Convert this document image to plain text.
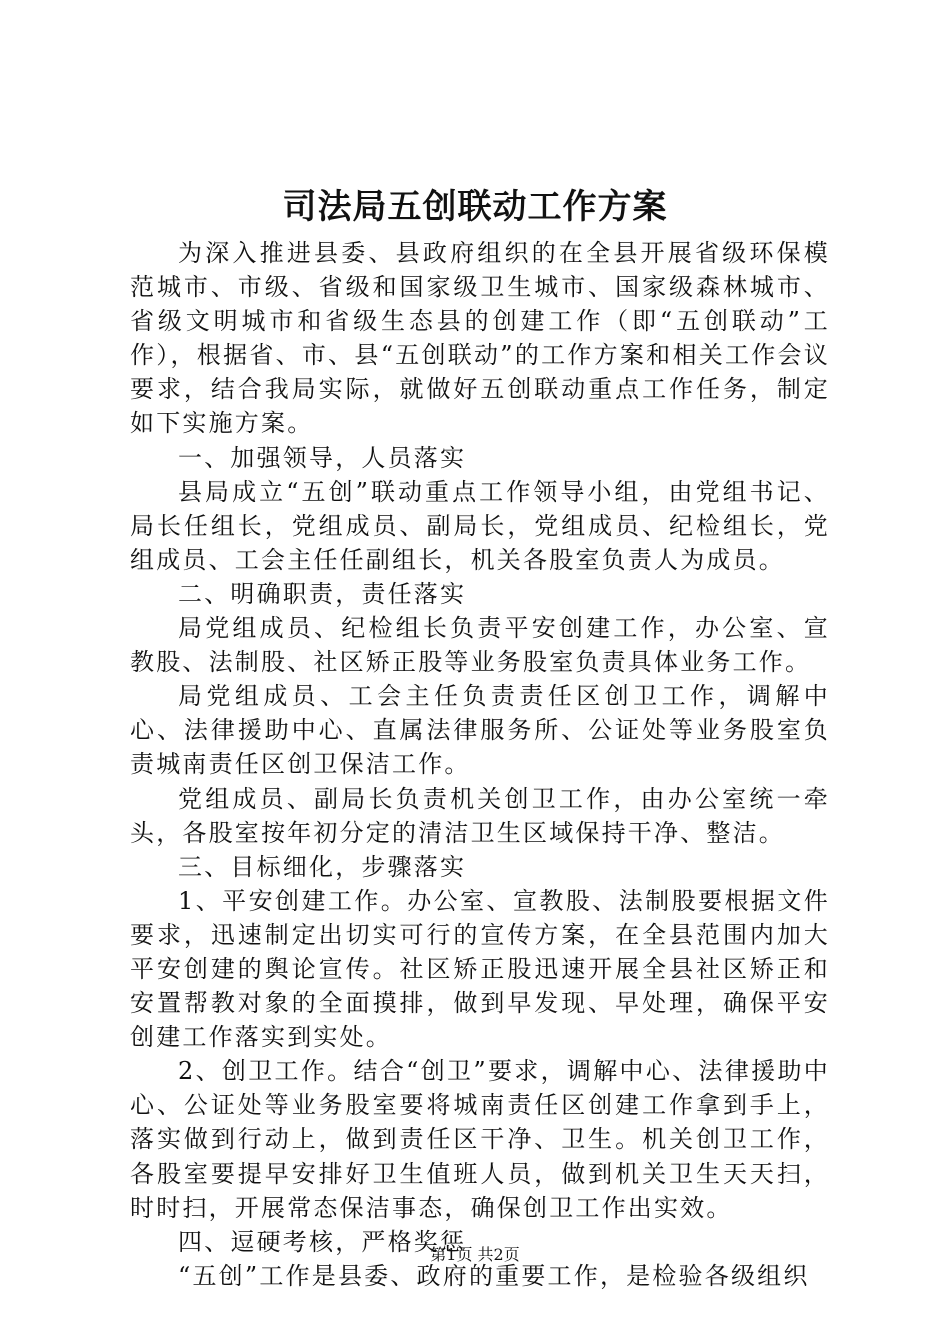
司法局五创联动工作方案

为深入推进县委、县政府组织的在全县开展省级环保模范城市、市级、省级和国家级卫生城市、国家级森林城市、省级文明城市和省级生态县的创建工作（即“五创联动”工作），根据省、市、县“五创联动”的工作方案和相关工作会议要求，结合我局实际，就做好五创联动重点工作任务，制定如下实施方案。

一、加强领导，人员落实

县局成立“五创”联动重点工作领导小组，由党组书记、局长任组长，党组成员、副局长，党组成员、纪检组长，党组成员、工会主任任副组长，机关各股室负责人为成员。

二、明确职责，责任落实

局党组成员、纪检组长负责平安创建工作，办公室、宣教股、法制股、社区矫正股等业务股室负责具体业务工作。

局党组成员、工会主任负责责任区创卫工作，调解中心、法律援助中心、直属法律服务所、公证处等业务股室负责城南责任区创卫保洁工作。

党组成员、副局长负责机关创卫工作，由办公室统一牵头，各股室按年初分定的清洁卫生区域保持干净、整洁。

三、目标细化，步骤落实

1、平安创建工作。办公室、宣教股、法制股要根据文件要求，迅速制定出切实可行的宣传方案，在全县范围内加大平安创建的舆论宣传。社区矫正股迅速开展全县社区矫正和安置帮教对象的全面摸排，做到早发现、早处理，确保平安创建工作落实到实处。

2、创卫工作。结合“创卫”要求，调解中心、法律援助中心、公证处等业务股室要将城南责任区创建工作拿到手上，落实做到行动上，做到责任区干净、卫生。机关创卫工作，各股室要提早安排好卫生值班人员，做到机关卫生天天扫，时时扫，开展常态保洁事态，确保创卫工作出实效。

四、逗硬考核，严格奖惩

“五创”工作是县委、政府的重要工作，是检验各级组织

第1页 共2页
